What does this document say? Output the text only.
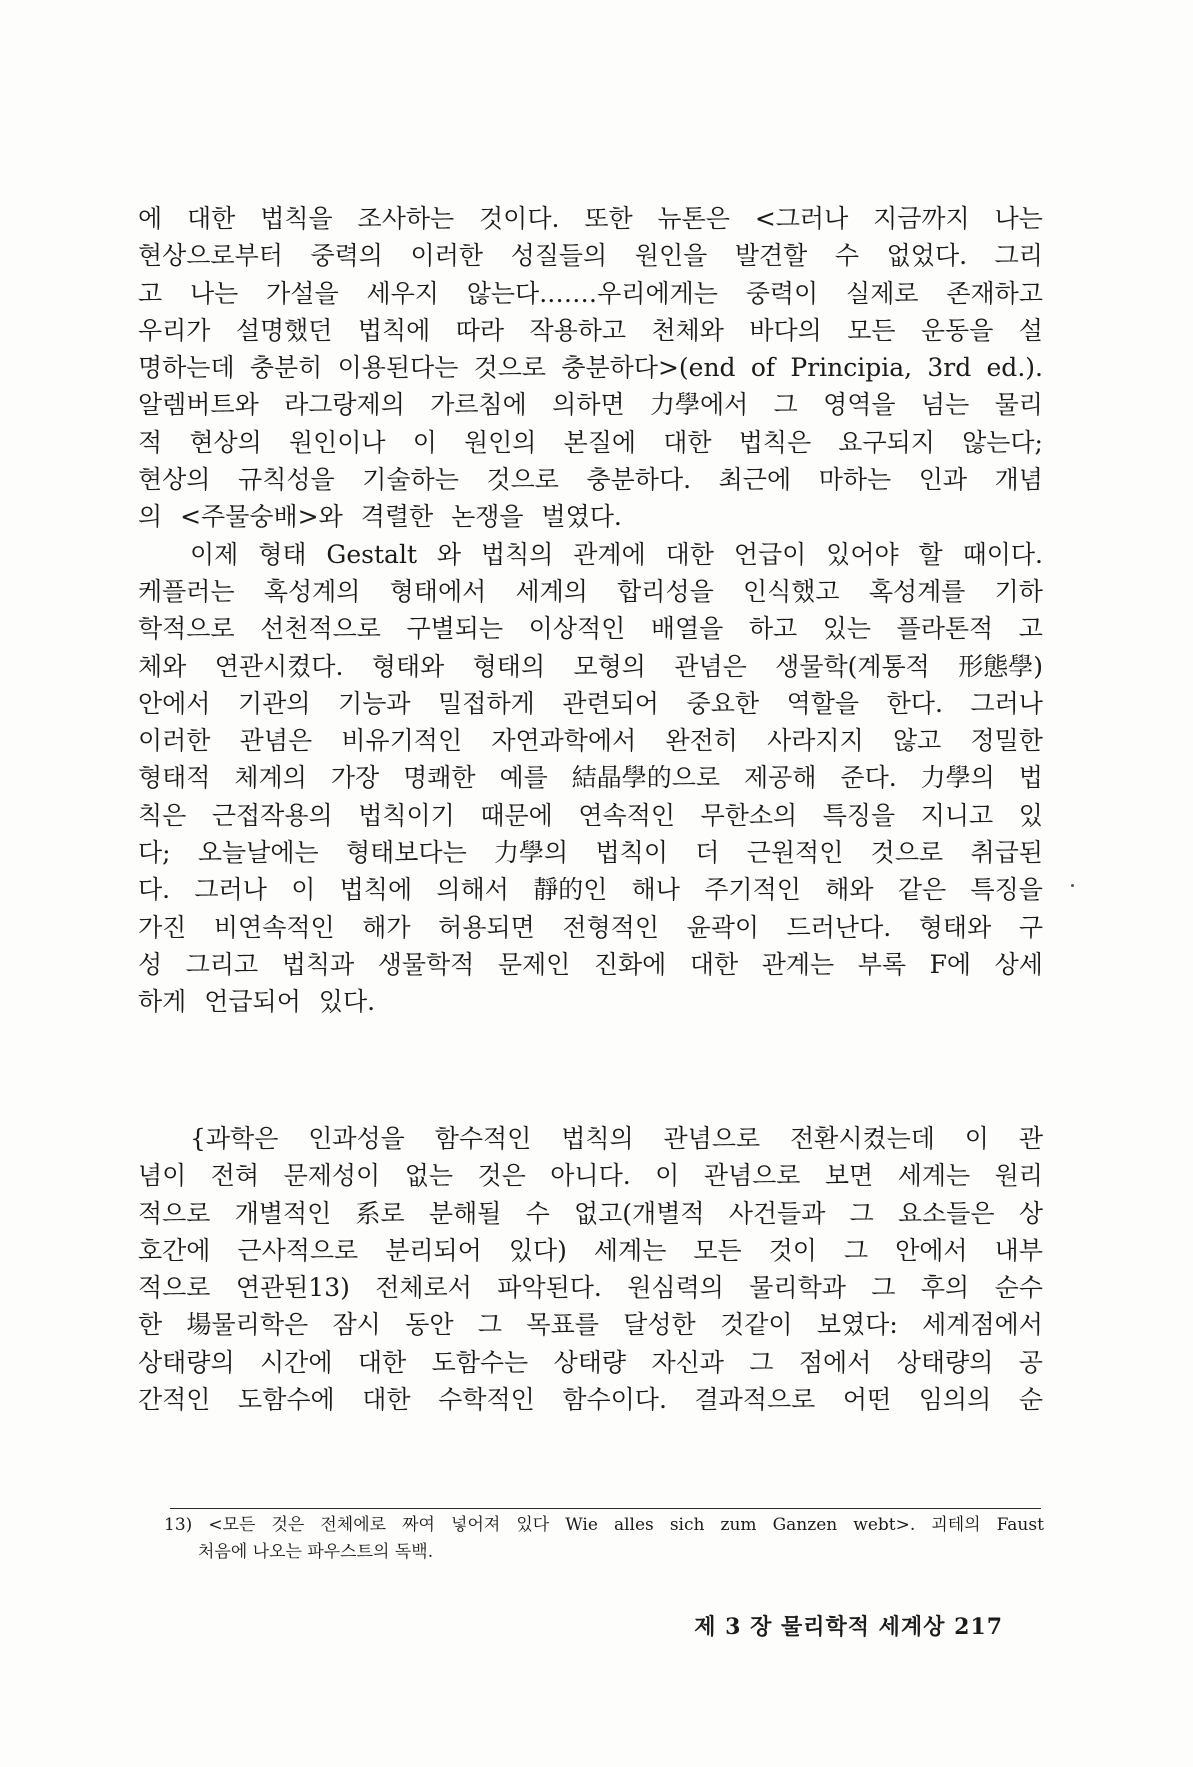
에 대한 법칙을 조사하는 것이다. 또한 뉴톤은 <그러나 지금까지 나는
현상으로부터 중력의 이러한 성질들의 원인을 발견할 수 없었다. 그리
고 나는 가설을 세우지 않는다.……우리에게는 중력이 실제로 존재하고
우리가 설명했던 법칙에 따라 작용하고 천체와 바다의 모든 운동을 설
명하는데 충분히 이용된다는 것으로 충분하다>(end of Principia, 3rd ed.).
알렘버트와 라그랑제의 가르침에 의하면 力學에서 그 영역을 넘는 물리
적 현상의 원인이나 이 원인의 본질에 대한 법칙은 요구되지 않는다;
현상의 규칙성을 기술하는 것으로 충분하다. 최근에 마하는 인과 개념
의 <주물숭배>와 격렬한 논쟁을 벌였다.
이제 형태 Gestalt 와 법칙의 관계에 대한 언급이 있어야 할 때이다.
케플러는 혹성계의 형태에서 세계의 합리성을 인식했고 혹성계를 기하
학적으로 선천적으로 구별되는 이상적인 배열을 하고 있는 플라톤적 고
체와 연관시켰다. 형태와 형태의 모형의 관념은 생물학(계통적 形態學)
안에서 기관의 기능과 밀접하게 관련되어 중요한 역할을 한다. 그러나
이러한 관념은 비유기적인 자연과학에서 완전히 사라지지 않고 정밀한
형태적 체계의 가장 명쾌한 예를 結晶學的으로 제공해 준다. 力學의 법
칙은 근접작용의 법칙이기 때문에 연속적인 무한소의 특징을 지니고 있
다; 오늘날에는 형태보다는 力學의 법칙이 더 근원적인 것으로 취급된
다. 그러나 이 법칙에 의해서 靜的인 해나 주기적인 해와 같은 특징을
가진 비연속적인 해가 허용되면 전형적인 윤곽이 드러난다. 형태와 구
성 그리고 법칙과 생물학적 문제인 진화에 대한 관계는 부록 F에 상세
하게 언급되어 있다.
{과학은 인과성을 함수적인 법칙의 관념으로 전환시켰는데 이 관
념이 전혀 문제성이 없는 것은 아니다. 이 관념으로 보면 세계는 원리
적으로 개별적인 系로 분해될 수 없고(개별적 사건들과 그 요소들은 상
호간에 근사적으로 분리되어 있다) 세계는 모든 것이 그 안에서 내부
적으로 연관된13) 전체로서 파악된다. 원심력의 물리학과 그 후의 순수
한 場물리학은 잠시 동안 그 목표를 달성한 것같이 보였다: 세계점에서
상태량의 시간에 대한 도함수는 상태량 자신과 그 점에서 상태량의 공
간적인 도함수에 대한 수학적인 함수이다. 결과적으로 어떤 임의의 순
13) <모든 것은 전체에로 짜여 넣어져 있다 Wie alles sich zum Ganzen webt>. 괴테의 Faust
처음에 나오는 파우스트의 독백.
제 3 장 물리학적 세계상 217
